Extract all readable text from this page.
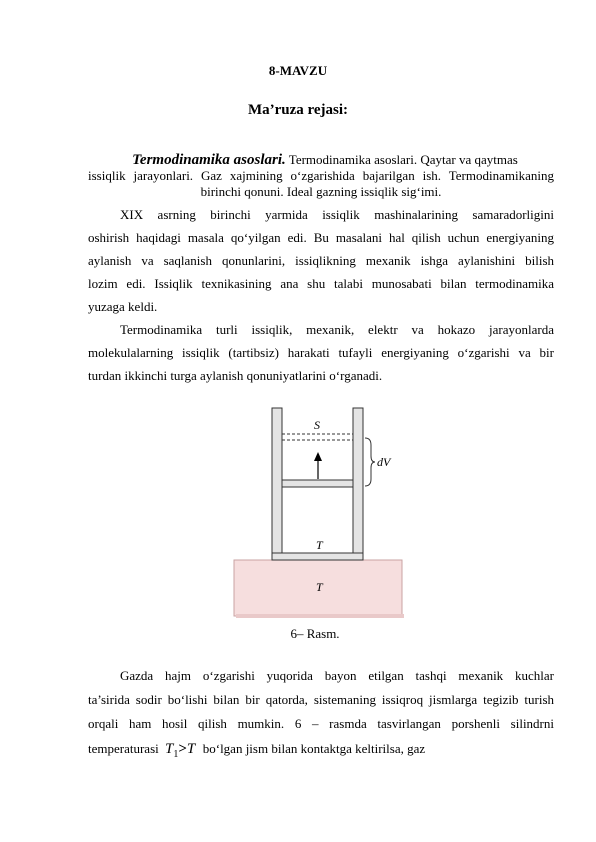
8-MAVZU
Ma’ruza rejasi:
Termodinamika asoslari. Termodinamika asoslari. Qaytar va qaytmas
issiqlik jarayonlari. Gaz xajmining o‘zgarishida bajarilgan ish. Termodinamikaning
birinchi qonuni. Ideal gazning issiqlik sig‘imi.
XIX asrning birinchi yarmida issiqlik mashinalarining samaradorligini
oshirish haqidagi masala qo‘yilgan edi. Bu masalani hal qilish uchun energiyaning
aylanish va saqlanish qonunlarini, issiqlikning mexanik ishga aylanishini bilish
lozim edi. Issiqlik texnikasining ana shu talabi munosabati bilan termodinamika
yuzaga keldi.
Termodinamika turli issiqlik, mexanik, elektr va hokazo jarayonlarda
molekulalarning issiqlik (tartibsiz) harakati tufayli energiyaning o‘zgarishi va bir
turdan ikkinchi turga aylanish qonuniyatlarini o‘rganadi.
S
dV
T
T
6– Rasm.
Gazda hajm o‘zgarishi yuqorida bayon etilgan tashqi mexanik kuchlar
ta’sirida sodir bo‘lishi bilan bir qatorda, sistemaning issiqroq jismlarga tegizib turish
orqali ham hosil qilish mumkin. 6 – rasmda tasvirlangan porshenli silindrni
temperaturasi $T_1>T$ bo‘lgan jism bilan kontaktga keltirilsa, gaz
